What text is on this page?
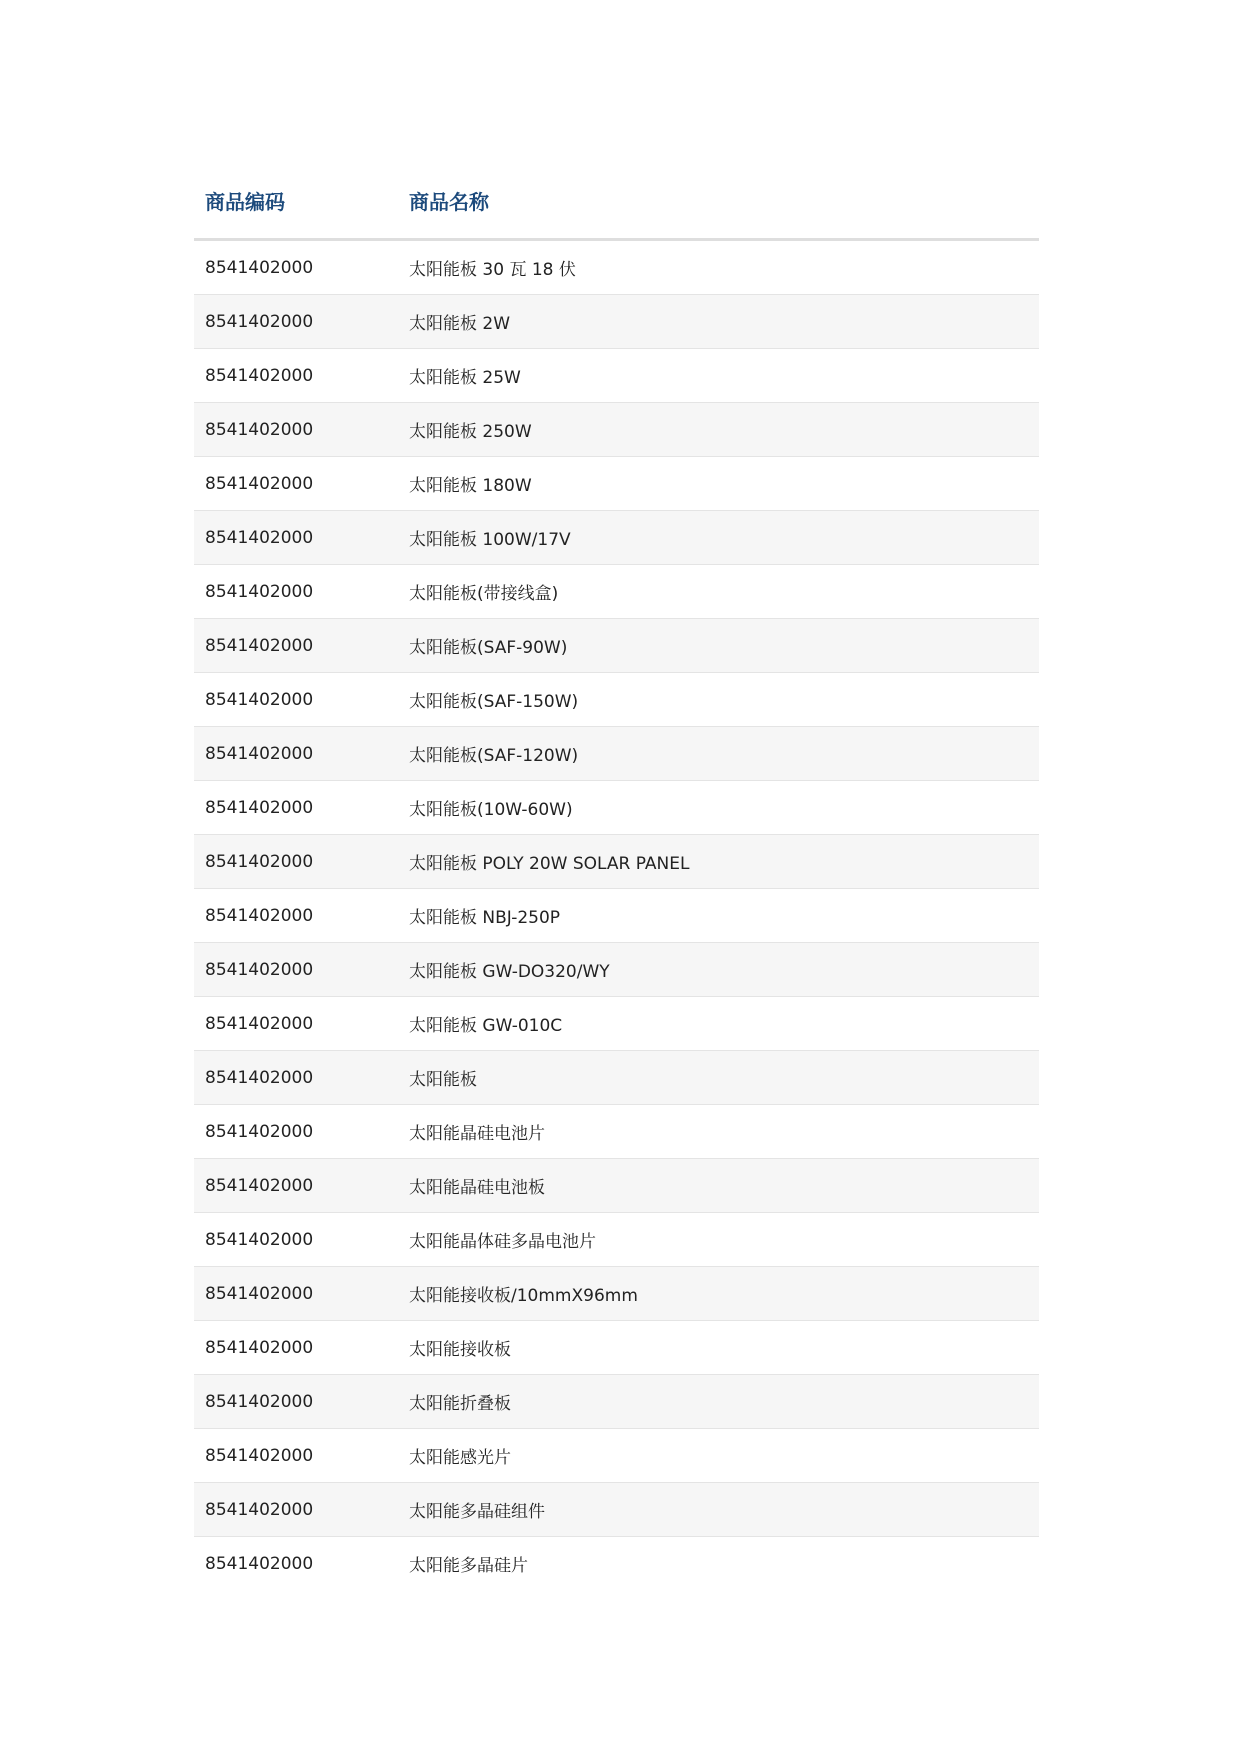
商品编码	商品名称
8541402000	太阳能板 30 瓦 18 伏
8541402000	太阳能板 2W
8541402000	太阳能板 25W
8541402000	太阳能板 250W
8541402000	太阳能板 180W
8541402000	太阳能板 100W/17V
8541402000	太阳能板(带接线盒)
8541402000	太阳能板(SAF-90W)
8541402000	太阳能板(SAF-150W)
8541402000	太阳能板(SAF-120W)
8541402000	太阳能板(10W-60W)
8541402000	太阳能板 POLY 20W SOLAR PANEL
8541402000	太阳能板 NBJ-250P
8541402000	太阳能板 GW-DO320/WY
8541402000	太阳能板 GW-010C
8541402000	太阳能板
8541402000	太阳能晶硅电池片
8541402000	太阳能晶硅电池板
8541402000	太阳能晶体硅多晶电池片
8541402000	太阳能接收板/10mmX96mm
8541402000	太阳能接收板
8541402000	太阳能折叠板
8541402000	太阳能感光片
8541402000	太阳能多晶硅组件
8541402000	太阳能多晶硅片
